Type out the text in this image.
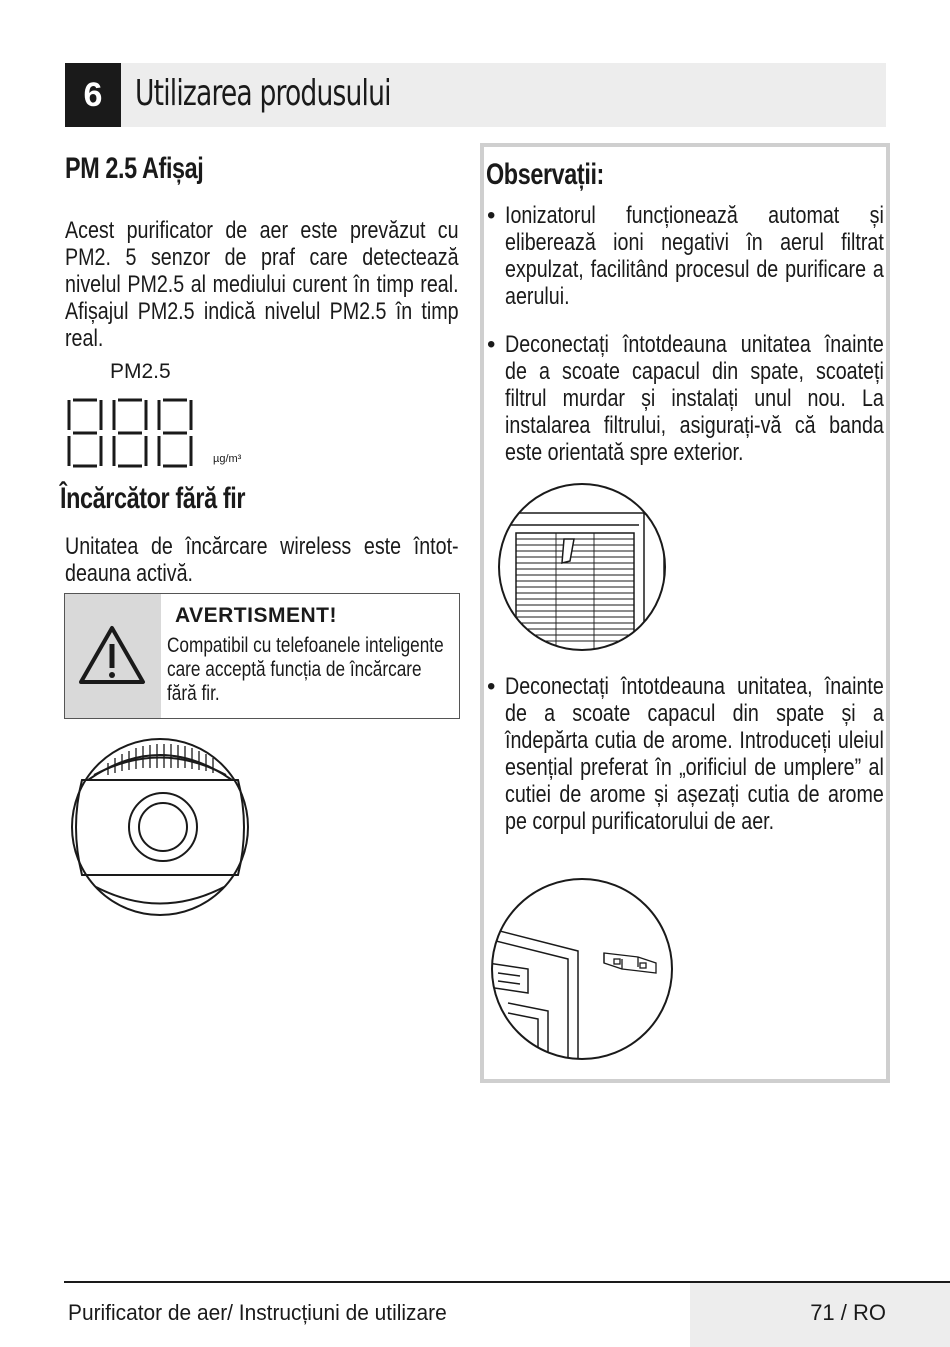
6 Utilizarea produsului
PM 2.5 Afișaj
Acest purificator de aer este prevăzut cu PM2. 5 senzor de praf care detectează nivelul PM2.5 al mediului curent în timp real. Afișajul PM2.5 indică nivelul PM2.5 în timp real.
PM2.5
µg/m³
Încărcător fără fir
Unitatea de încărcare wireless este întot-deauna activă.
AVERTISMENT!
Compatibil cu telefoanele inteligente care acceptă funcția de încărcare fără fir.
Observații:
• Ionizatorul funcționează automat și eliberează ioni negativi în aerul filtrat expulzat, facilitând procesul de purificare a aerului.
• Deconectați întotdeauna unitatea înainte de a scoate capacul din spate, scoateți filtrul murdar și instalați unul nou. La instalarea filtrului, asigurați-vă că banda este orientată spre exterior.
• Deconectați întotdeauna unitatea, înainte de a scoate capacul din spate și a îndepărta cutia de arome. Introduceți uleiul esențial preferat în „orificiul de umplere” al cutiei de arome și așezați cutia de arome pe corpul purificatorului de aer.
Purificator de aer/ Instrucțiuni de utilizare	71 / RO
